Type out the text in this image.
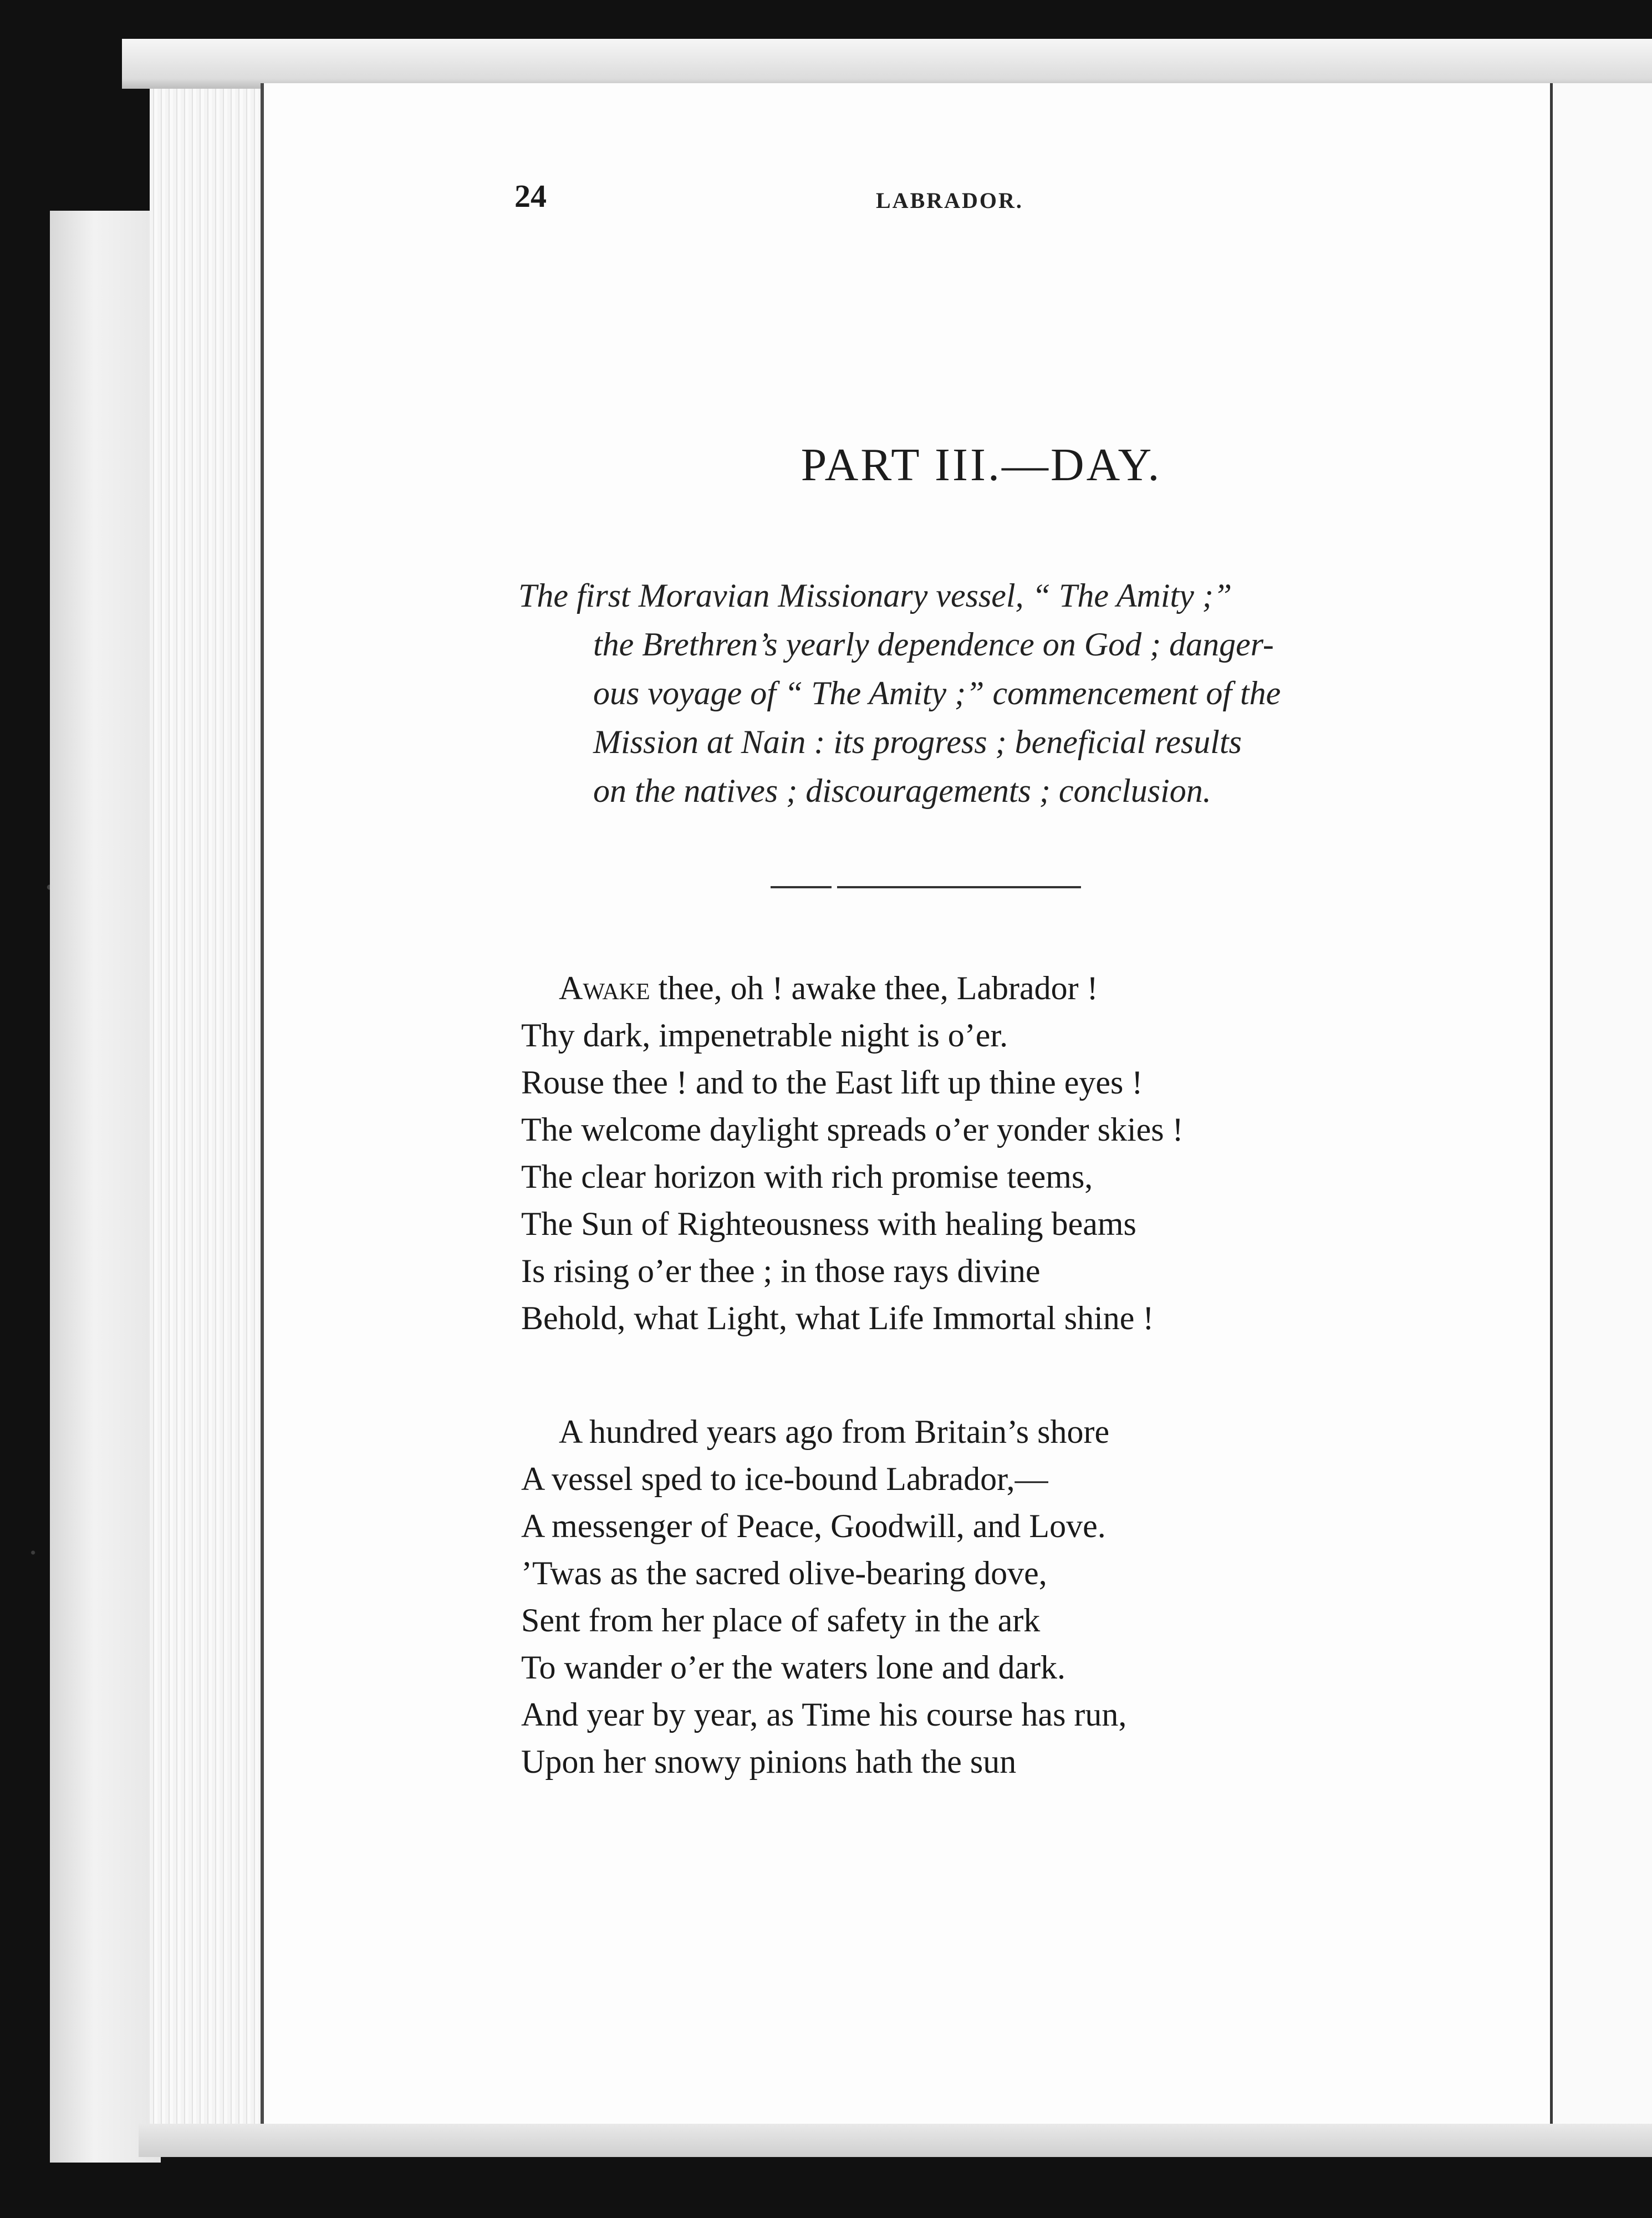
24	LABRADOR.
PART III.—DAY.
The first Moravian Missionary vessel, “ The Amity ;”
the Brethren’s yearly dependence on God ; danger-
ous voyage of “ The Amity ;” commencement of the
Mission at Nain : its progress ; beneficial results
on the natives ; discouragements ; conclusion.
Awake thee, oh ! awake thee, Labrador !
Thy dark, impenetrable night is o’er.
Rouse thee ! and to the East lift up thine eyes !
The welcome daylight spreads o’er yonder skies !
The clear horizon with rich promise teems,
The Sun of Righteousness with healing beams
Is rising o’er thee ; in those rays divine
Behold, what Light, what Life Immortal shine !
A hundred years ago from Britain’s shore
A vessel sped to ice-bound Labrador,—
A messenger of Peace, Goodwill, and Love.
’Twas as the sacred olive-bearing dove,
Sent from her place of safety in the ark
To wander o’er the waters lone and dark.
And year by year, as Time his course has run,
Upon her snowy pinions hath the sun
